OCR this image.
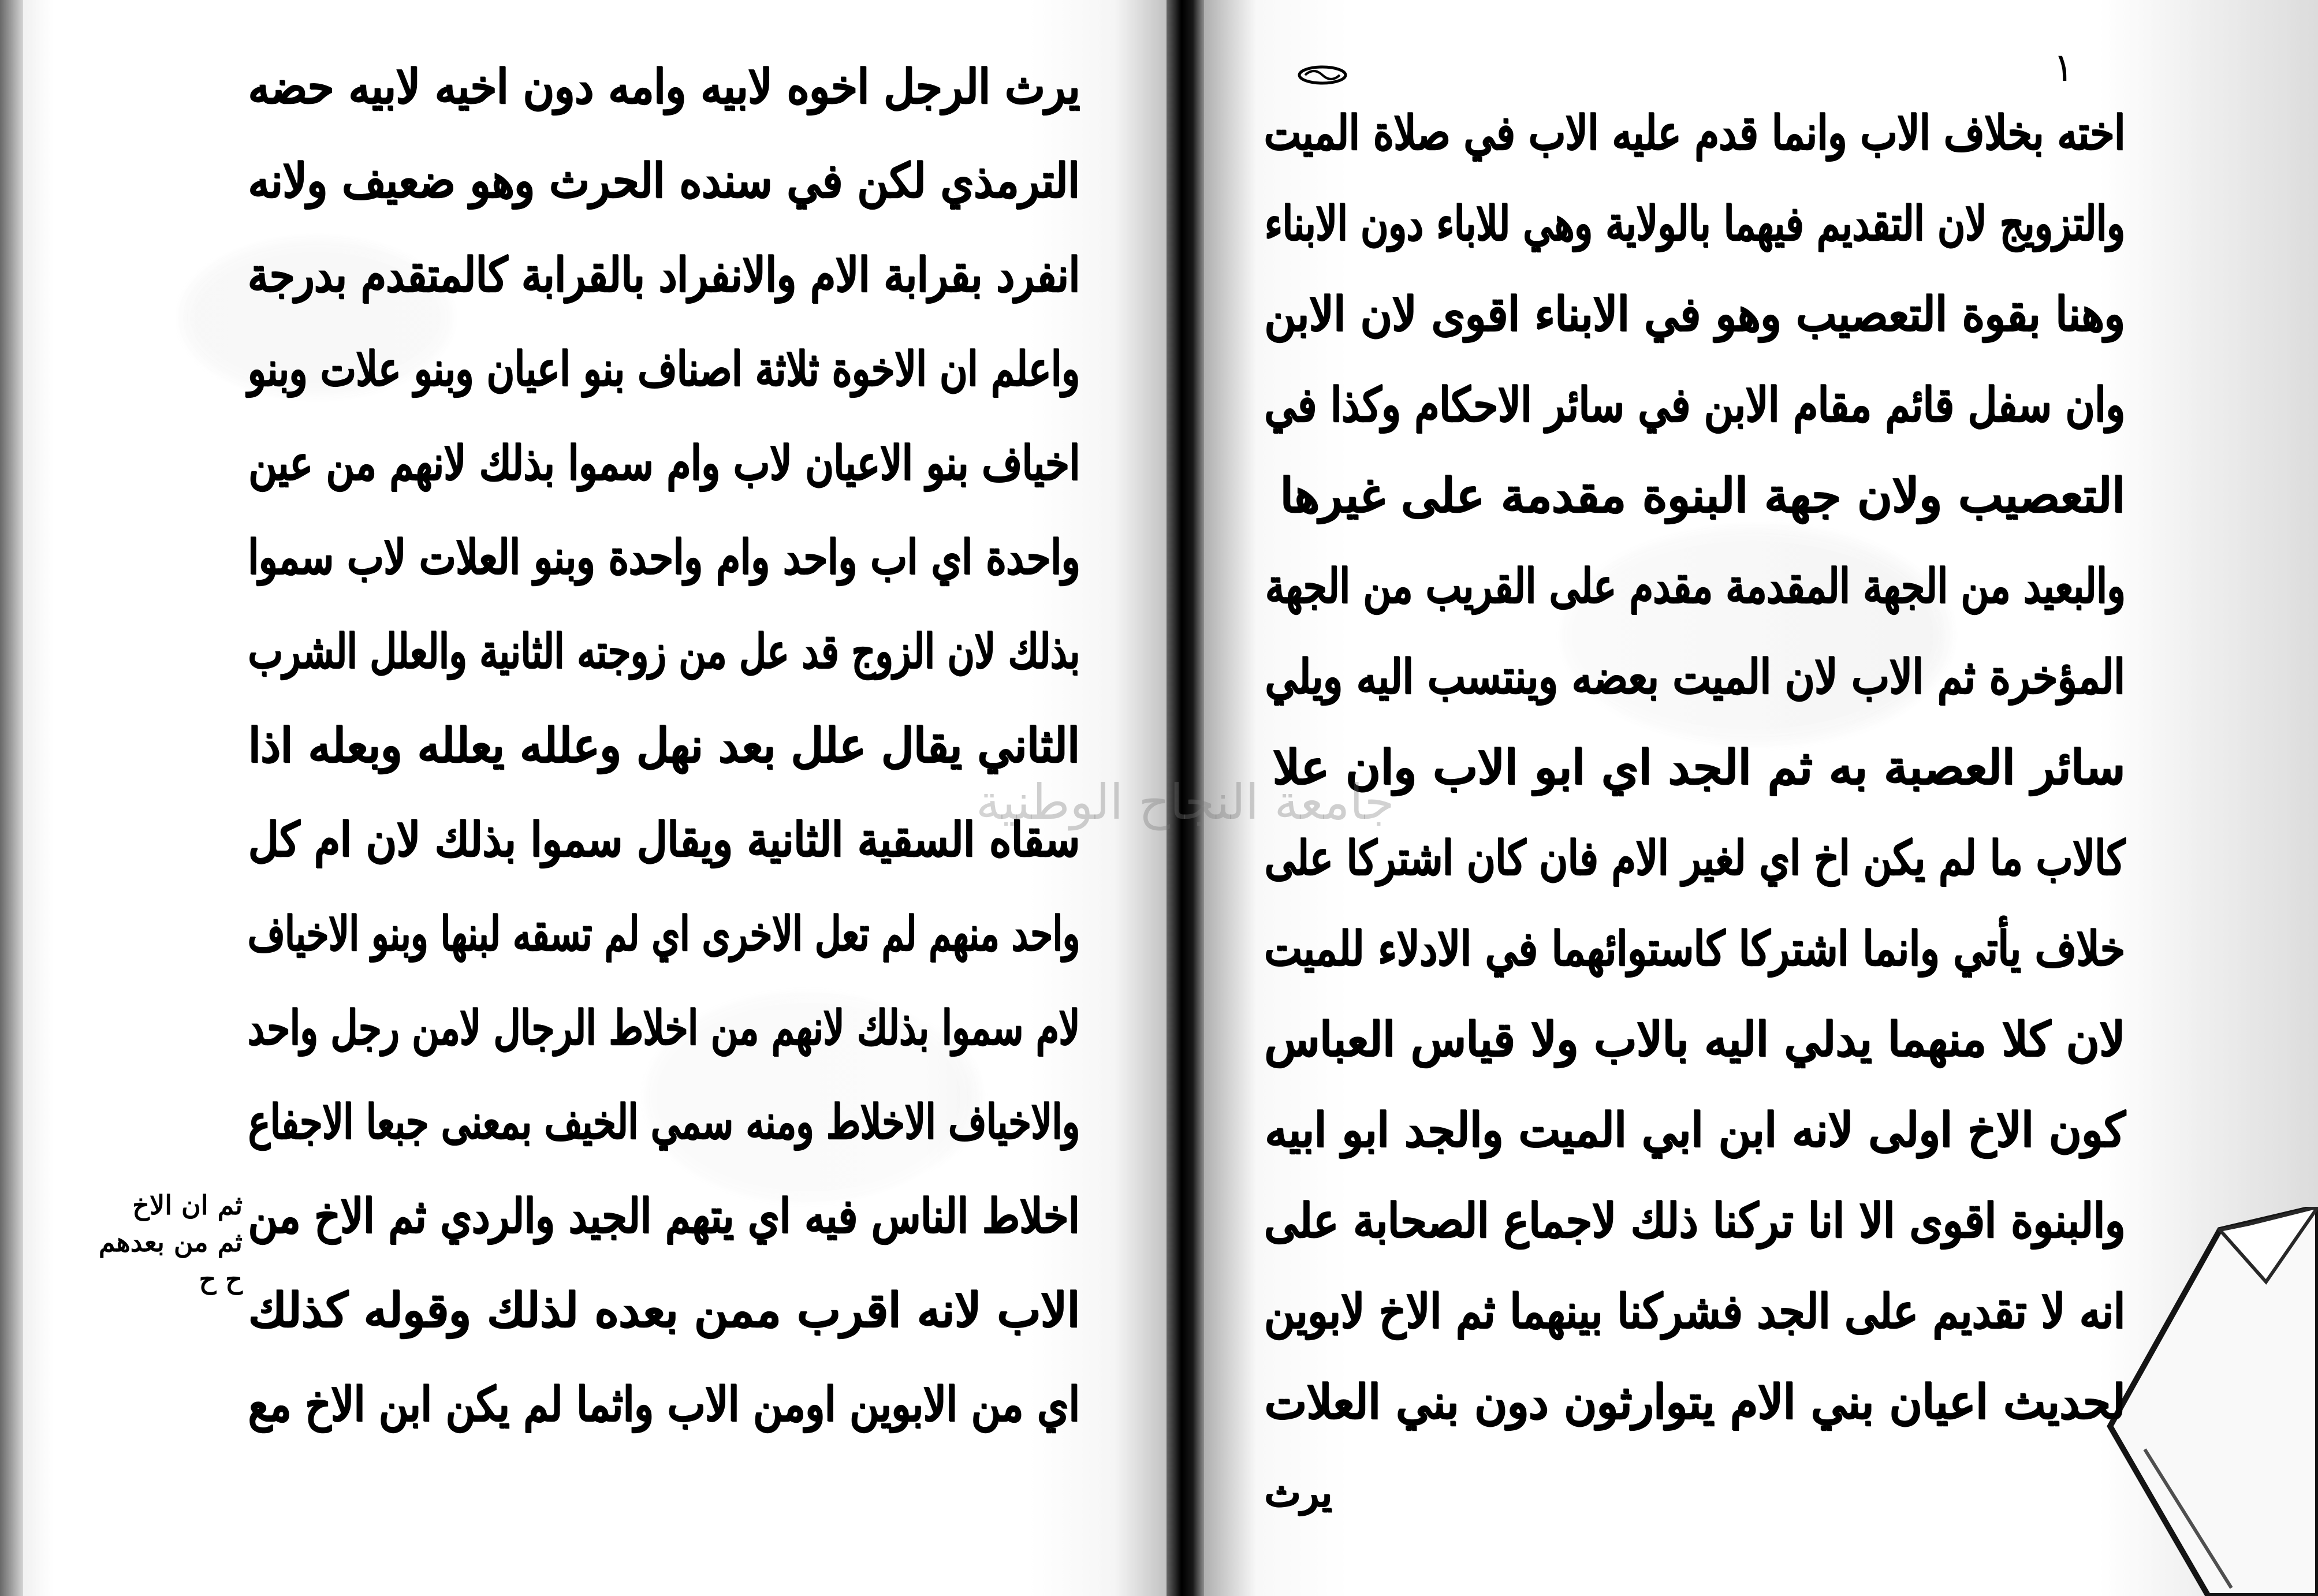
١
يرث الرجل اخوه لابيه وامه دون اخيه لابيه حضه
الترمذي لكن في سنده الحرث وهو ضعيف ولانه
انفرد بقرابة الام والانفراد بالقرابة كالمتقدم بدرجة
واعلم ان الاخوة ثلاثة اصناف بنو اعيان وبنو علات وبنو
اخياف بنو الاعيان لاب وام سموا بذلك لانهم من عين
واحدة اي اب واحد وام واحدة وبنو العلات لاب سموا
بذلك لان الزوج قد عل من زوجته الثانية والعلل الشرب
الثاني يقال علل بعد نهل وعلله يعلله وبعله اذا
سقاه السقية الثانية ويقال سموا بذلك لان ام كل
واحد منهم لم تعل الاخرى اي لم تسقه لبنها وبنو الاخياف
لام سموا بذلك لانهم من اخلاط الرجال لامن رجل واحد
والاخياف الاخلاط ومنه سمي الخيف بمعنى جبعا الاجفاع
اخلاط الناس فيه اي يتهم الجيد والردي ثم الاخ من
الاب لانه اقرب ممن بعده لذلك وقوله كذلك
اي من الابوين اومن الاب واثما لم يكن ابن الاخ مع
اخته بخلاف الاب وانما قدم عليه الاب في صلاة الميت
والتزويج لان التقديم فيهما بالولاية وهي للاباء دون الابناء
وهنا بقوة التعصيب وهو في الابناء اقوى لان الابن
وان سفل قائم مقام الابن في سائر الاحكام وكذا في
التعصيب ولان جهة البنوة مقدمة على غيرها
والبعيد من الجهة المقدمة مقدم على القريب من الجهة
المؤخرة ثم الاب لان الميت بعضه وينتسب اليه ويلي
سائر العصبة به ثم الجد اي ابو الاب وان علا
كالاب ما لم يكن اخ اي لغير الام فان كان اشتركا على
خلاف يأتي وانما اشتركا كاستوائهما في الادلاء للميت
لان كلا منهما يدلي اليه بالاب ولا قياس العباس
كون الاخ اولى لانه ابن ابي الميت والجد ابو ابيه
والبنوة اقوى الا انا تركنا ذلك لاجماع الصحابة على
انه لا تقديم على الجد فشركنا بينهما ثم الاخ لابوين
لحديث اعيان بني الام يتوارثون دون بني العلات
يرث
ثم ان الاخ
ثم من بعدهم
ح ح
جامعة النجاح الوطنية
